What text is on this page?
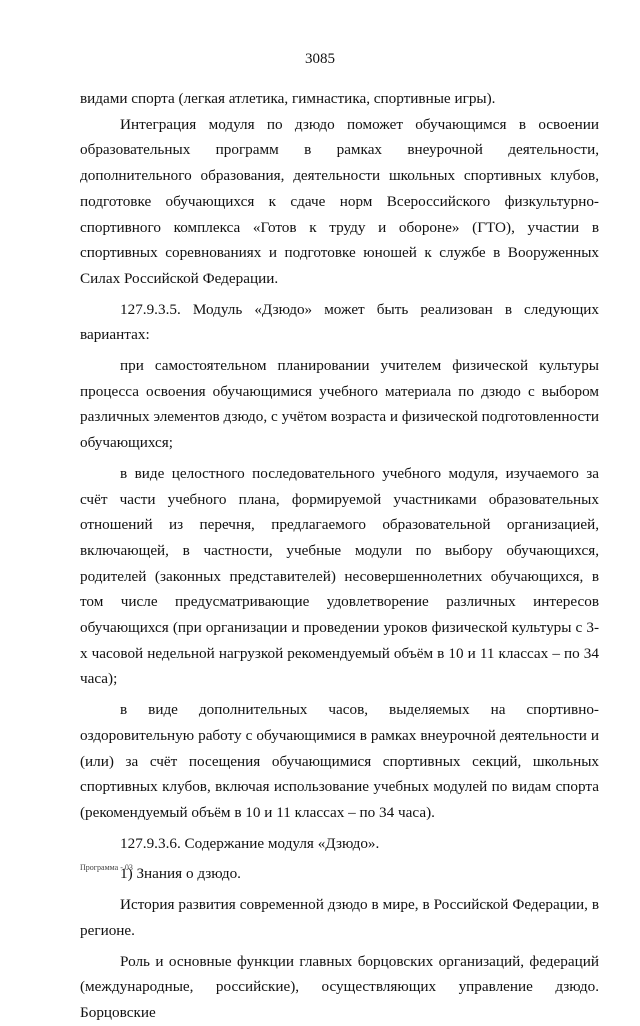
3085

видами спорта (легкая атлетика, гимнастика, спортивные игры).

Интеграция модуля по дзюдо поможет обучающимся в освоении образовательных программ в рамках внеурочной деятельности, дополнительного образования, деятельности школьных спортивных клубов, подготовке обучающихся к сдаче норм Всероссийского физкультурно-спортивного комплекса «Готов к труду и обороне» (ГТО), участии в спортивных соревнованиях и подготовке юношей к службе в Вооруженных Силах Российской Федерации.

127.9.3.5. Модуль «Дзюдо» может быть реализован в следующих вариантах:

при самостоятельном планировании учителем физической культуры процесса освоения обучающимися учебного материала по дзюдо с выбором различных элементов дзюдо, с учётом возраста и физической подготовленности обучающихся;

в виде целостного последовательного учебного модуля, изучаемого за счёт части учебного плана, формируемой участниками образовательных отношений из перечня, предлагаемого образовательной организацией, включающей, в частности, учебные модули по выбору обучающихся, родителей (законных представителей) несовершеннолетних обучающихся, в том числе предусматривающие удовлетворение различных интересов обучающихся (при организации и проведении уроков физической культуры с 3-х часовой недельной нагрузкой рекомендуемый объём в 10 и 11 классах – по 34 часа);

в виде дополнительных часов, выделяемых на спортивно-оздоровительную работу с обучающимися в рамках внеурочной деятельности и (или) за счёт посещения обучающимися спортивных секций, школьных спортивных клубов, включая использование учебных модулей по видам спорта (рекомендуемый объём в 10 и 11 классах – по 34 часа).

127.9.3.6. Содержание модуля «Дзюдо».

1) Знания о дзюдо.

История развития современной дзюдо в мире, в Российской Федерации, в регионе.

Роль и основные функции главных борцовских организаций, федераций (международные, российские), осуществляющих управление дзюдо. Борцовские

Программа - 03
